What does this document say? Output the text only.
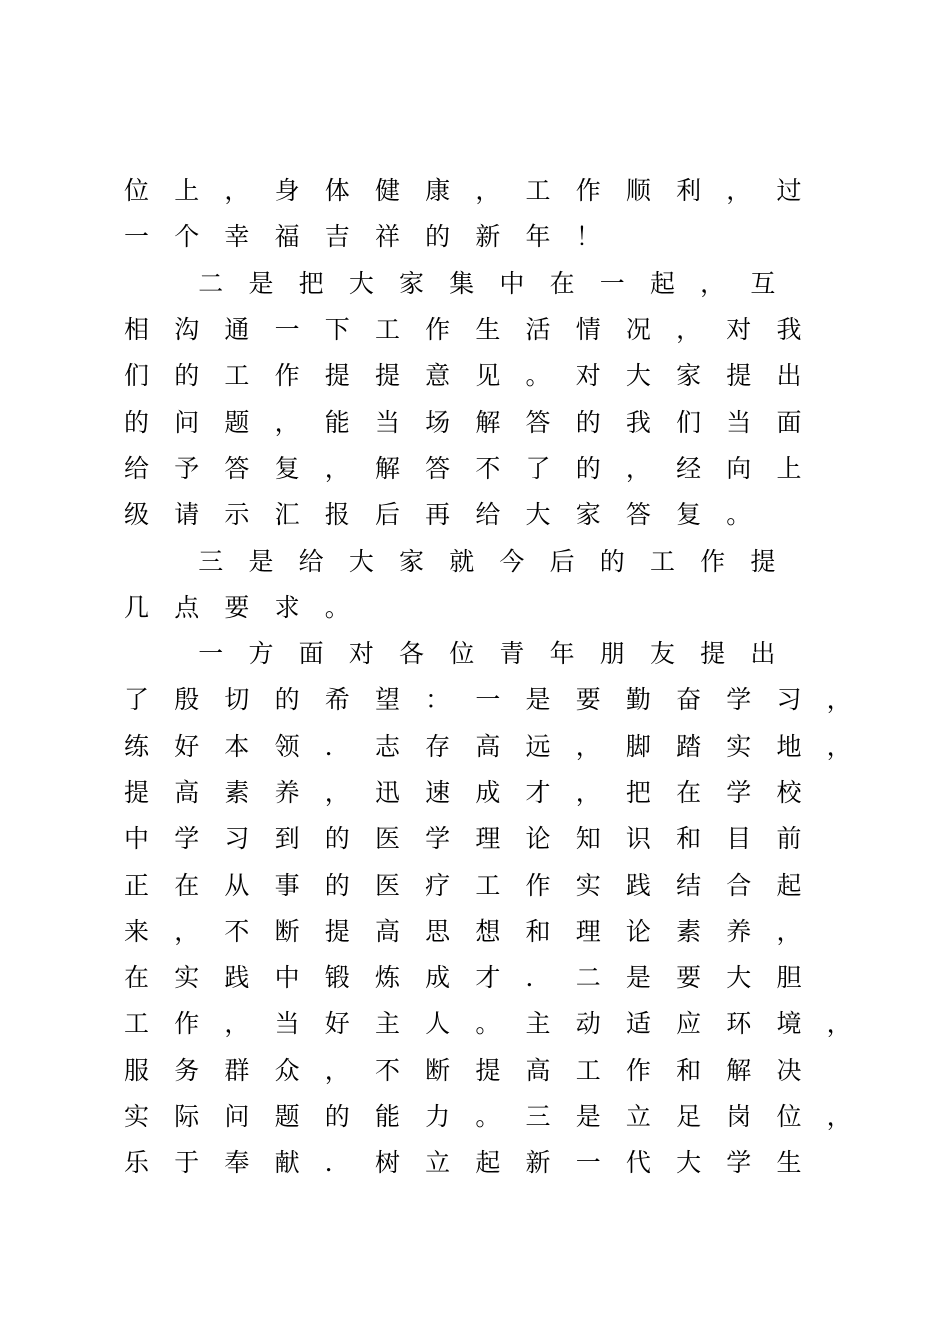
位 上 ， 身 体 健 康 ， 工 作 顺 利 ， 过
一 个 幸 福 吉 祥 的 新 年 ！
二 是 把 大 家 集 中 在 一 起 ， 互
相 沟 通 一 下 工 作 生 活 情 况 ， 对 我
们 的 工 作 提 提 意 见 。 对 大 家 提 出
的 问 题 ， 能 当 场 解 答 的 我 们 当 面
给 予 答 复 ， 解 答 不 了 的 ， 经 向 上
级 请 示 汇 报 后 再 给 大 家 答 复 。
三 是 给 大 家 就 今 后 的 工 作 提
几 点 要 求 。
一 方 面 对 各 位 青 年 朋 友 提 出
了 殷 切 的 希 望 ： 一 是 要 勤 奋 学 习 ，
练 好 本 领 ． 志 存 高 远 ， 脚 踏 实 地 ，
提 高 素 养 ， 迅 速 成 才 ， 把 在 学 校
中 学 习 到 的 医 学 理 论 知 识 和 目 前
正 在 从 事 的 医 疗 工 作 实 践 结 合 起
来 ， 不 断 提 高 思 想 和 理 论 素 养 ，
在 实 践 中 锻 炼 成 才 ． 二 是 要 大 胆
工 作 ， 当 好 主 人 。 主 动 适 应 环 境 ，
服 务 群 众 ， 不 断 提 高 工 作 和 解 决
实 际 问 题 的 能 力 。 三 是 立 足 岗 位 ，
乐 于 奉 献 ． 树 立 起 新 一 代 大 学 生
